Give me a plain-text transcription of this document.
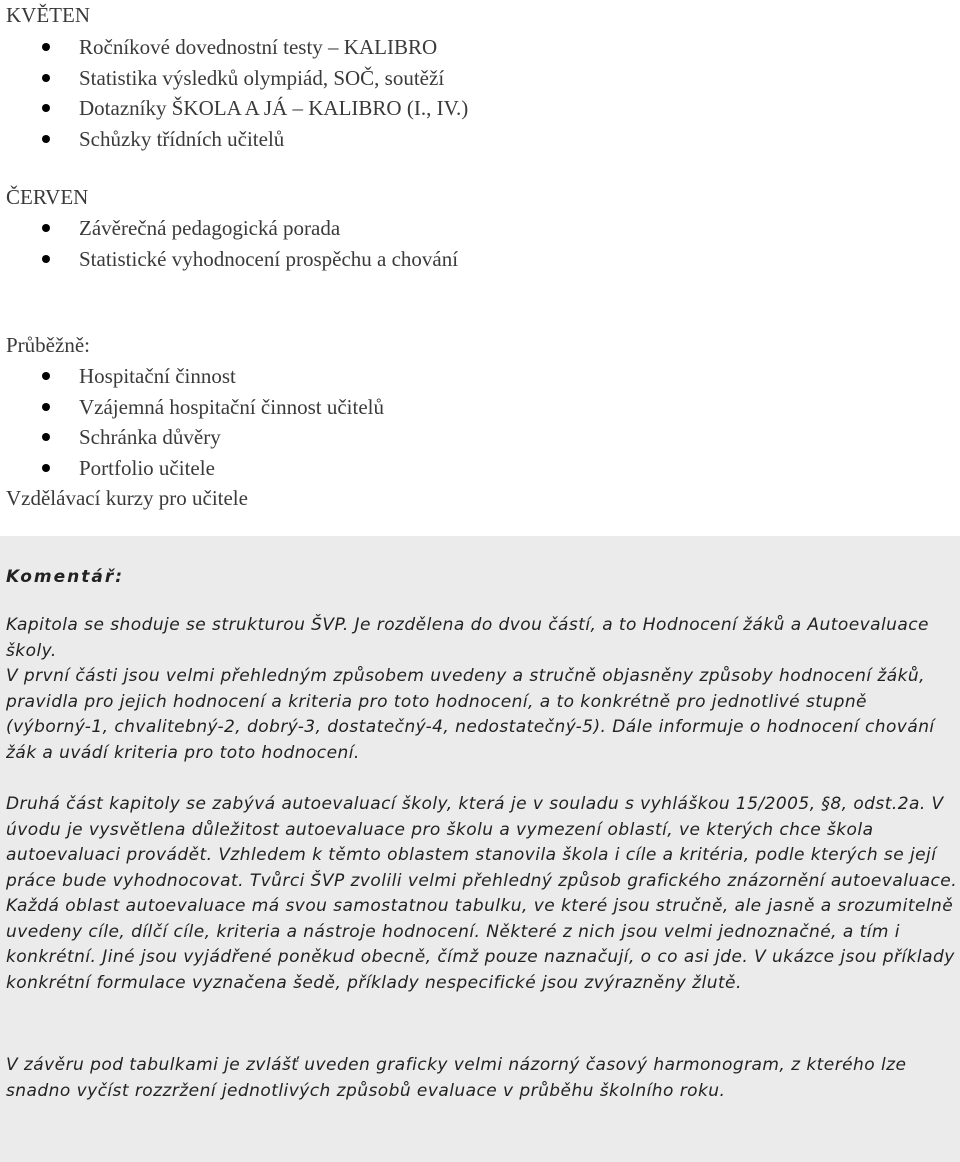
KVĚTEN
Ročníkové dovednostní testy – KALIBRO
Statistika výsledků olympiád, SOČ, soutěží
Dotazníky ŠKOLA A JÁ – KALIBRO (I., IV.)
Schůzky třídních učitelů
ČERVEN
Závěrečná pedagogická porada
Statistické vyhodnocení prospěchu a chování
Průběžně:
Hospitační činnost
Vzájemná hospitační činnost učitelů
Schránka důvěry
Portfolio učitele
Vzdělávací kurzy pro učitele
Komentář:
Kapitola se shoduje se strukturou ŠVP. Je rozdělena do dvou částí, a to Hodnocení žáků a Autoevaluace školy.
V první části jsou velmi přehledným způsobem uvedeny a stručně objasněny způsoby hodnocení žáků, pravidla pro jejich hodnocení a kriteria pro toto hodnocení, a to konkrétně pro jednotlivé stupně (výborný-1, chvalitebný-2, dobrý-3, dostatečný-4, nedostatečný-5). Dále informuje o hodnocení chování žák a uvádí kriteria pro toto hodnocení.
Druhá část kapitoly se zabývá autoevaluací školy, která je v souladu s vyhláškou 15/2005, §8, odst.2a. V úvodu je vysvětlena důležitost autoevaluace pro školu a vymezení oblastí, ve kterých chce škola autoevaluaci provádět. Vzhledem k těmto oblastem stanovila škola i cíle a kritéria, podle kterých se její práce bude vyhodnocovat. Tvůrci ŠVP zvolili velmi přehledný způsob grafického znázornění autoevaluace. Každá oblast autoevaluace má svou samostatnou tabulku, ve které jsou stručně, ale jasně a srozumitelně uvedeny cíle, dílčí cíle, kriteria a nástroje hodnocení. Některé z nich jsou velmi jednoznačné, a tím i konkrétní. Jiné jsou vyjádřené poněkud obecně, čímž pouze naznačují, o co asi jde. V ukázce jsou příklady konkrétní formulace vyznačena šedě, příklady nespecifické jsou zvýrazněny žlutě.
V závěru pod tabulkami je zvlášť uveden graficky velmi názorný časový harmonogram, z kterého lze snadno vyčíst rozzržení jednotlivých způsobů evaluace v průběhu školního roku.
